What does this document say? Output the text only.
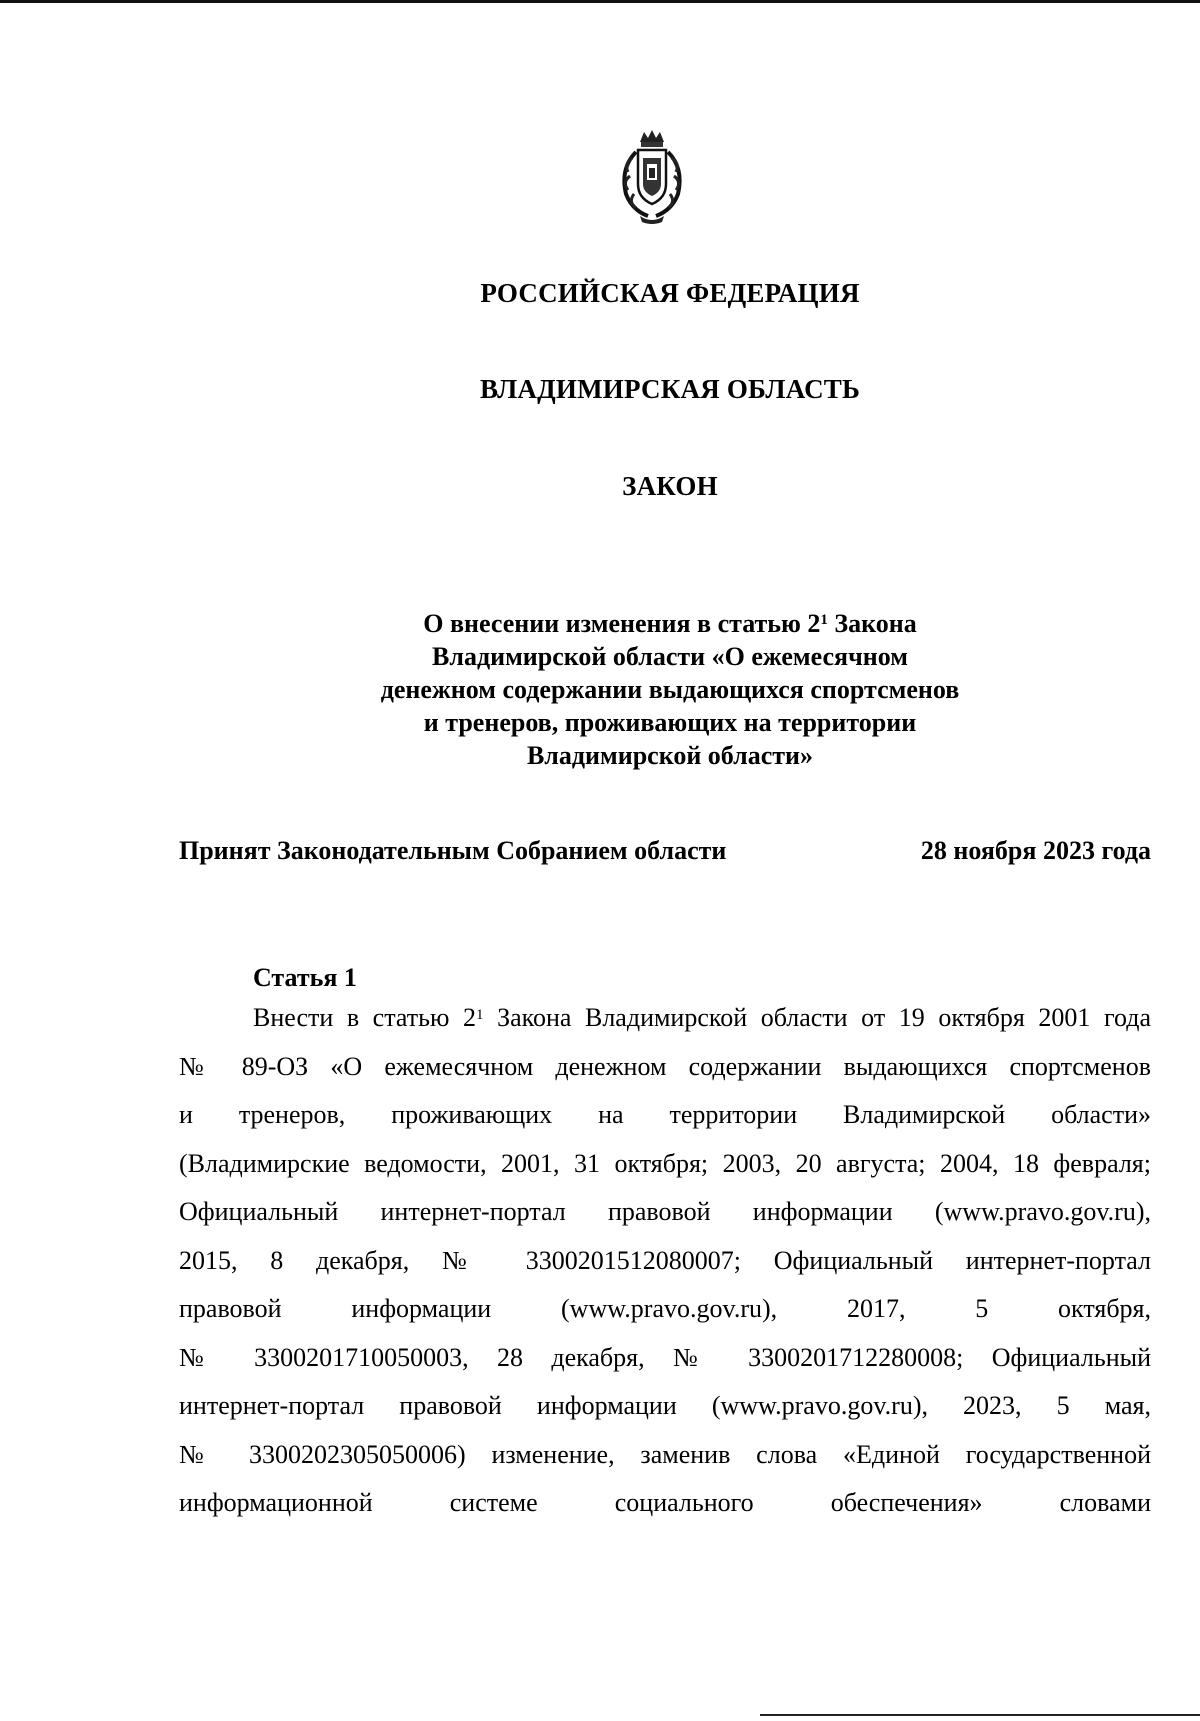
РОССИЙСКАЯ ФЕДЕРАЦИЯ
ВЛАДИМИРСКАЯ ОБЛАСТЬ
ЗАКОН
О внесении изменения в статью $2^1$ Закона
Владимирской области «О ежемесячном
денежном содержании выдающихся спортсменов
и тренеров, проживающих на территории
Владимирской области»
Принят Законодательным Собранием области	28 ноября 2023 года
Статья 1
Внести в статью $2^1$ Закона Владимирской области от 19 октября 2001 года
№ 89-ОЗ «О ежемесячном денежном содержании выдающихся спортсменов
и тренеров, проживающих на территории Владимирской области»
(Владимирские ведомости, 2001, 31 октября; 2003, 20 августа; 2004, 18 февраля;
Официальный интернет-портал правовой информации (www.pravo.gov.ru),
2015, 8 декабря, № 3300201512080007; Официальный интернет-портал
правовой информации (www.pravo.gov.ru), 2017, 5 октября,
№ 3300201710050003, 28 декабря, № 3300201712280008; Официальный
интернет-портал правовой информации (www.pravo.gov.ru), 2023, 5 мая,
№ 3300202305050006) изменение, заменив слова «Единой государственной
информационной системе социального обеспечения» словами
